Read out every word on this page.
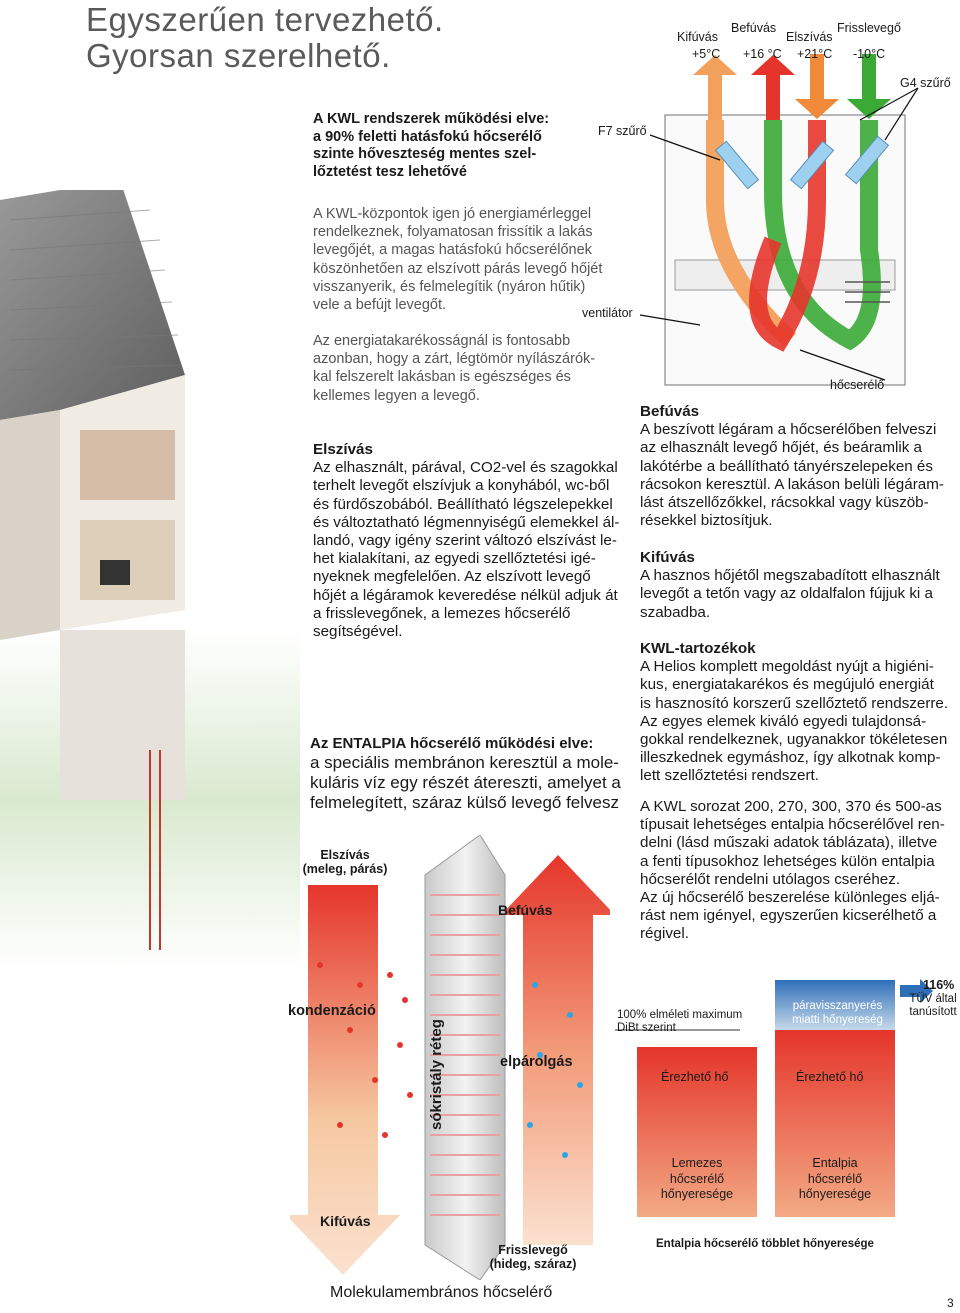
Egyszerűen tervezhető.
Gyorsan szerelhető.
A KWL rendszerek működési elve:
a 90% feletti hatásfokú hőcserélő
szinte hőveszteség mentes szel-
lőztetést tesz lehetővé
A KWL-központok igen jó energiamérleggel
rendelkeznek, folyamatosan frissítik a lakás
levegőjét, a magas hatásfokú hőcserélőnek
köszönhetően az elszívott párás levegő hőjét
visszanyerik, és felmelegítik (nyáron hűtik)
vele a befújt levegőt.
Az energiatakarékosságnál is fontosabb
azonban, hogy a zárt, légtömör nyílászárók-
kal felszerelt lakásban is egészséges és
kellemes legyen a levegő.
Elszívás
Az elhasznált, párával, CO2-vel és szagokkal
terhelt levegőt elszívjuk a konyhából, wc-ből
és fürdőszobából. Beállítható légszelepekkel
és változtatható légmennyiségű elemekkel ál-
landó, vagy igény szerint változó elszívást le-
het kialakítani, az egyedi szellőztetési igé-
nyeknek megfelelően. Az elszívott levegő
hőjét a légáramok keveredése nélkül adjuk át
a frisslevegőnek, a lemezes hőcserélő
segítségével.
Az ENTALPIA hőcserélő működési elve:
a speciális membránon keresztül a mole-
kuláris víz egy részét átereszti, amelyet a
felmelegített, száraz külső levegő felvesz
Kifúvás
Befúvás
Elszívás
Frisslevegő
+5°C +16 °C +21°C -10°C
G4 szűrő
F7 szűrő
ventilátor
hőcserélő
Befúvás
A beszívott légáram a hőcserélőben felveszi
az elhasznált levegő hőjét, és beáramlik a
lakótérbe a beállítható tányérszelepeken és
rácsokon keresztül. A lakáson belüli légáram-
lást átszellőzőkkel, rácsokkal vagy küszöb-
résekkel biztosítjuk.
Kifúvás
A hasznos hőjétől megszabadított elhasznált
levegőt a tetőn vagy az oldalfalon fújjuk ki a
szabadba.
KWL-tartozékok
A Helios komplett megoldást nyújt a higiéni-
kus, energiatakarékos és megújuló energiát
is hasznosító korszerű szellőztető rendszerre.
Az egyes elemek kiváló egyedi tulajdonsá-
gokkal rendelkeznek, ugyanakkor tökéletesen
illeszkednek egymáshoz, így alkotnak komp-
lett szellőztetési rendszert.
A KWL sorozat 200, 270, 300, 370 és 500-as
típusait lehetséges entalpia hőcserélővel ren-
delni (lásd műszaki adatok táblázata), illetve
a fenti típusokhoz lehetséges külön entalpia
hőcserélőt rendelni utólagos cseréhez.
Az új hőcserélő beszerelése különleges eljá-
rást nem igényel, egyszerűen kicserélhető a
régivel.
Elszívás
(meleg, párás)
Befúvás
kondenzáció
sókristály réteg	elpárolgás
Kifúvás
Frisslevegő
(hideg, száraz)
Molekulamembrános hőcselérő
100% elméleti maximum
DiBt szerint
páravisszanyerés
miatti hőnyereség
116%
TÜV által
tanúsított
Érezhető hő	Érezhető hő
Lemezes
hőcserélő
hőnyeresége
Entalpia
hőcserélő
hőnyeresége
Entalpia hőcserélő többlet hőnyeresége
3
